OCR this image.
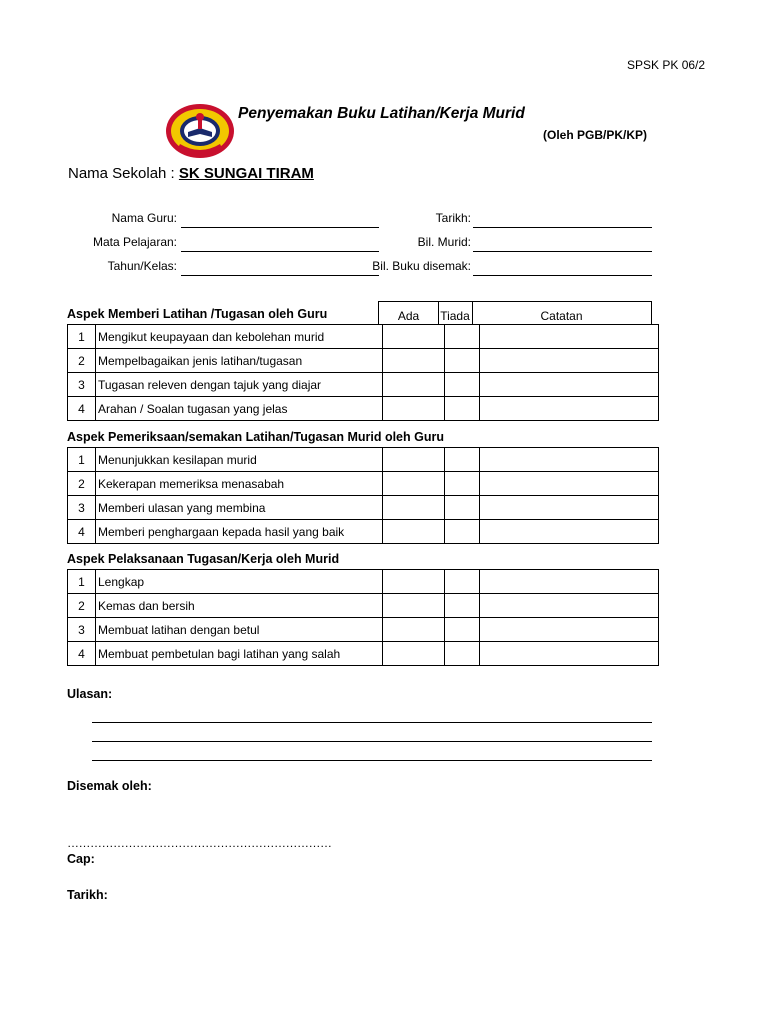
SPSK PK 06/2
Penyemakan Buku Latihan/Kerja Murid
(Oleh PGB/PK/KP)
Nama Sekolah : SK SUNGAI TIRAM
Nama Guru:
Mata Pelajaran:
Tahun/Kelas:
Tarikh:
Bil. Murid:
Bil. Buku disemak:
Aspek Memberi Latihan /Tugasan oleh Guru	Ada Tiada	Catatan
1	Mengikut keupayaan dan kebolehan murid			
2	Mempelbagaikan jenis latihan/tugasan			
3	Tugasan releven dengan tajuk yang diajar			
4	Arahan / Soalan tugasan yang jelas			
Aspek Pemeriksaan/semakan Latihan/Tugasan Murid oleh Guru
1	Menunjukkan kesilapan murid			
2	Kekerapan memeriksa menasabah			
3	Memberi ulasan yang membina			
4	Memberi penghargaan kepada hasil yang baik			
Aspek Pelaksanaan Tugasan/Kerja oleh Murid
1	Lengkap			
2	Kemas dan bersih			
3	Membuat latihan dengan betul			
4	Membuat pembetulan bagi latihan yang salah			
Ulasan:
Disemak oleh:
……………………………………………………………
Cap:
Tarikh:
